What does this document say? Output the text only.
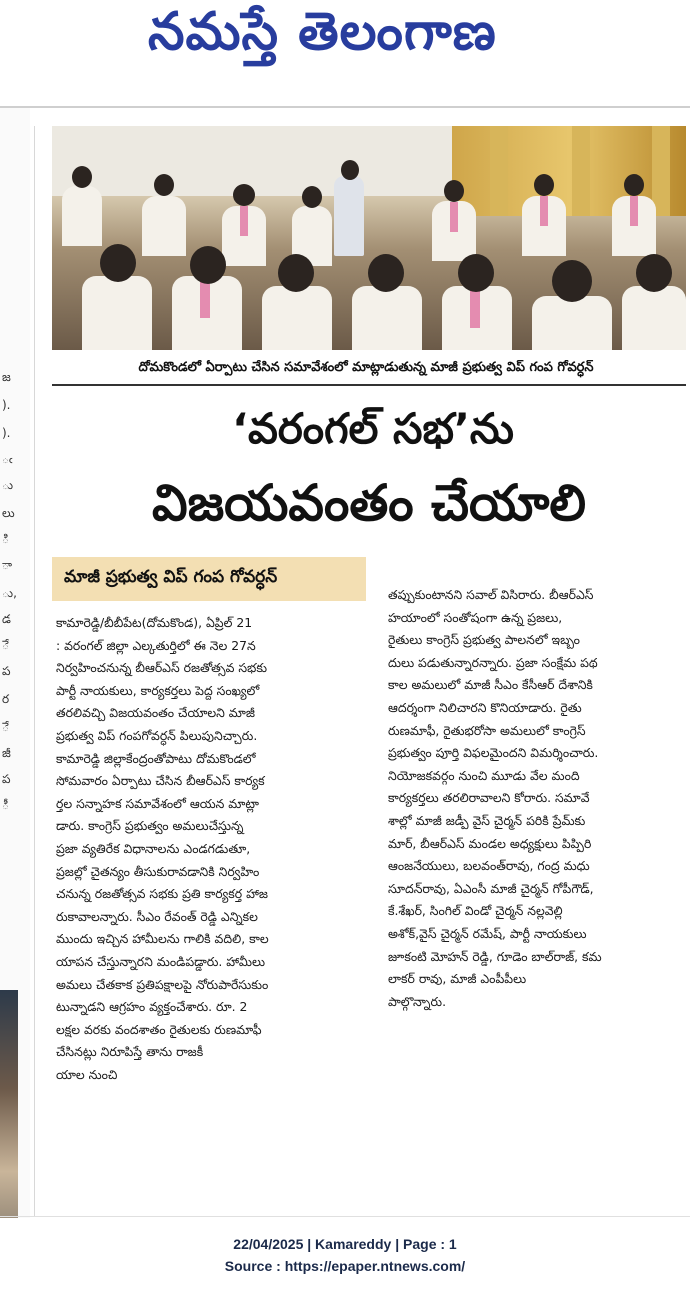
నమస్తే తెలంగాణ
జ
).
).
ఁ
ు
లు
ి
ా
ు,
డ
ే
ప
ర
ే
జీ
ప
ీ
దోమకొండలో ఏర్పాటు చేసిన సమావేశంలో మాట్లాడుతున్న మాజీ ప్రభుత్వ విప్ గంప గోవర్ధన్
‘వరంగల్ సభ’ను
విజయవంతం చేయాలి
మాజీ ప్రభుత్వ విప్ గంప గోవర్ధన్
కామారెడ్డి/బీబీపేట(దోమకొండ), ఏప్రిల్ 21
: వరంగల్ జిల్లా ఎల్కతుర్తిలో ఈ నెల 27న
నిర్వహించనున్న బీఆర్ఎస్ రజతోత్సవ సభకు
పార్టీ నాయకులు, కార్యకర్తలు పెద్ద సంఖ్యలో
తరలివచ్చి విజయవంతం చేయాలని మాజీ
ప్రభుత్వ విప్ గంపగోవర్ధన్ పిలుపునిచ్చారు.
కామారెడ్డి జిల్లాకేంద్రంతోపాటు దోమకొండలో
సోమవారం ఏర్పాటు చేసిన బీఆర్ఎస్ కార్యక
ర్తల సన్నాహక సమావేశంలో ఆయన మాట్లా
డారు. కాంగ్రెస్ ప్రభుత్వం అమలుచేస్తున్న
ప్రజా వ్యతిరేక విధానాలను ఎండగడుతూ,
ప్రజల్లో చైతన్యం తీసుకురావడానికి నిర్వహిం
చనున్న రజతోత్సవ సభకు ప్రతి కార్యకర్త హాజ
రుకావాలన్నారు. సీఎం రేవంత్ రెడ్డి ఎన్నికల
ముందు ఇచ్చిన హామీలను గాలికి వదిలి, కాల
యాపన చేస్తున్నారని మండిపడ్డారు. హామీలు
అమలు చేతకాక ప్రతిపక్షాలపై నోరుపారేసుకుం
టున్నాడని ఆగ్రహం వ్యక్తంచేశారు. రూ. 2
లక్షల వరకు వందశాతం రైతులకు రుణమాఫీ
చేసినట్లు నిరూపిస్తే తాను రాజకీ
యాల నుంచి
తప్పుకుంటానని సవాల్ విసిరారు. బీఆర్ఎస్
హయాంలో సంతోషంగా ఉన్న ప్రజలు,
రైతులు కాంగ్రెస్ ప్రభుత్వ పాలనలో ఇబ్బం
దులు పడుతున్నారన్నారు. ప్రజా సంక్షేమ పథ
కాల అమలులో మాజీ సీఎం కేసీఆర్ దేశానికి
ఆదర్శంగా నిలిచారని కొనియాడారు. రైతు
రుణమాఫీ, రైతుభరోసా అమలులో కాంగ్రెస్
ప్రభుత్వం పూర్తి విఫలమైందని విమర్శించారు.
నియోజకవర్గం నుంచి మూడు వేల మంది
కార్యకర్తలు తరలిరావాలని కోరారు. సమావే
శాల్లో మాజీ జడ్పీ వైస్ చైర్మన్ పరికి ప్రేమ్‌కు
మార్, బీఆర్ఎస్ మండల అధ్యక్షులు పిప్పిరి
ఆంజనేయులు, బలవంత్‌రావు, గంద్ర మధు
సూదన్‌రావు, ఏఎంసీ మాజీ చైర్మన్ గోపీగౌడ్,
కే.శేఖర్, సింగిల్ విండో చైర్మన్ నల్లవెల్లి
అశోక్,వైస్ చైర్మన్ రమేష్, పార్టీ నాయకులు
జూకంటి మోహన్ రెడ్డి, గూడెం బాల్‌రాజ్, కమ
లాకర్ రావు, మాజీ ఎంపీపీలు
పాల్గొన్నారు.

22/04/2025 | Kamareddy | Page : 1
Source : https://epaper.ntnews.com/
